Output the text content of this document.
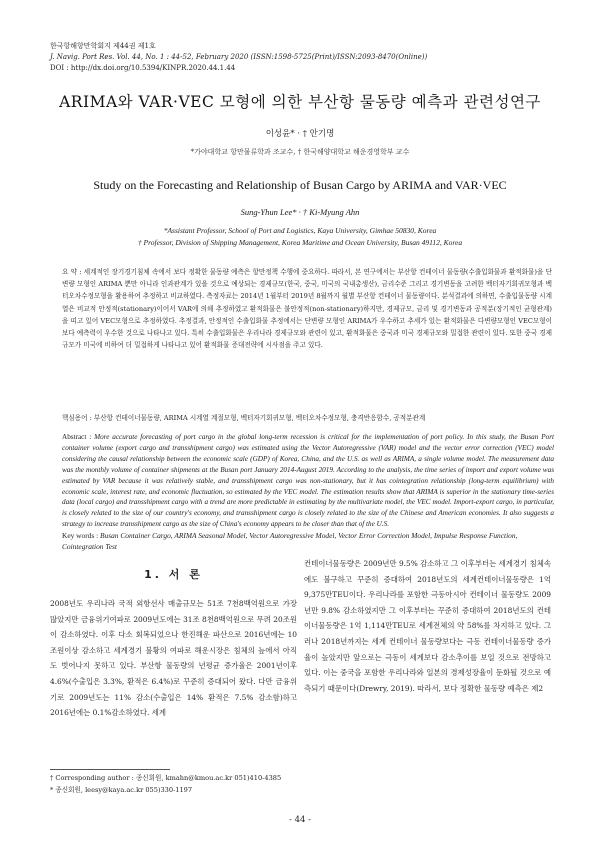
한국항해항만학회지 제44권 제1호
J. Navig. Port Res. Vol. 44, No. 1 : 44-52, February 2020 (ISSN:1598-5725(Print)/ISSN:2093-8470(Online))
DOI : http://dx.doi.org/10.5394/KINPR.2020.44.1.44
ARIMA와 VAR·VEC 모형에 의한 부산항 물동량 예측과 관련성연구
이성윤* · † 안기명
*가야대학교 항만물류학과 조교수, † 한국해양대학교 해운경영학부 교수
Study on the Forecasting and Relationship of Busan Cargo by ARIMA and VAR·VEC
Sung-Yhun Lee* · † Ki-Myung Ahn
*Assistant Professor, School of Port and Logistics, Kaya University, Gimhae 50830, Korea
† Professor, Division of Shipping Management, Korea Maritime and Ocean University, Busan 49112, Korea

요 약 : 세계적인 장기경기침체 속에서 보다 정확한 물동량 예측은 항만정책 수행에 중요하다. 따라서, 본 연구에서는 부산항 컨테이너 물동량(수출입화물과 환적화물)을 단변량 모형인 ARIMA 뿐만 아니라 인과관계가 있을 것으로 예상되는 경제규모(한국, 중국, 미국의 국내총생산), 금리수준 그리고 경기변동을 고려한 벡터자기회귀모형과 벡터오차수정모형을 활용하여 추정하고 비교하였다. 측정자료는 2014년 1월부터 2019년 8월까지 월별 부산항 컨테이너 물동량이다. 분석결과에 의하면, 수출입물동량 시계열은 비교적 안정적(stationary)이어서 VAR에 의해 추정하였고 환적화물은 불안정적(non-stationary)하지만, 경제규모, 금리 및 경기변동과 공적분(장기적인 균형관계)을 띠고 있어 VEC모형으로 추정하였다. 추정결과, 안정적인 수출입화물 추정에서는 단변량 모형인 ARIMA가 우수하고 추세가 있는 환적화물은 다변량모형인 VEC모형이 보다 예측력이 우수한 것으로 나타나고 있다. 특히 수출입화물은 우리나라 경제규모와 관련이 있고, 환적화물은 중국과 미국 경제규모와 밀접한 관련이 있다. 또한 중국 경제규모가 미국에 비하여 더 밀접하게 나타나고 있어 환적화물 증대전략에 시사점을 주고 있다.

핵심용어 : 부산항 컨테이너물동량, ARIMA 시계열 계절모형, 벡터자기회귀모형, 벡터오차수정모형, 충격반응함수, 공적분관계

Abstract : More accurate forecasting of port cargo in the global long-term recession is critical for the implementation of port policy. In this study, the Busan Port container volume (export cargo and transshipment cargo) was estimated using the Vector Autoregressive (VAR) model and the vector error correction (VEC) model considering the causal relationship between the economic scale (GDP) of Korea, China, and the U.S. as well as ARIMA, a single volume model. The measurement data was the monthly volume of container shipments at the Busan port January 2014-August 2019. According to the analysis, the time series of import and export volume was estimated by VAR because it was relatively stable, and transshipment cargo was non-stationary, but it has cointegration relationship (long-term equilibrium) with economic scale, interest rate, and economic fluctuation, so estimated by the VEC model. The estimation results show that ARIMA is superior in the stationary time-series data (local cargo) and transshipment cargo with a trend are more predictable in estimating by the multivariate model, the VEC model. Import-export cargo, in particular, is closely related to the size of our country's economy, and transshipment cargo is closely related to the size of the Chinese and American economies. It also suggests a strategy to increase transshipment cargo as the size of China's economy appears to be closer than that of the U.S.

Key words : Busan Container Cargo, ARIMA Seasonal Model, Vector Autoregressive Model, Vector Error Correction Model, Impulse Response Function, Cointegration Test

1. 서 론

2008년도 우리나라 국적 외항선사 매출규모는 51조 7천8백억원으로 가장 많았지만 금융위기여파로 2009년도에는 31조 8천8백억원으로 무려 20조원이 감소하였다. 이후 다소 회복되었으나 한진해운 파산으로 2016년에는 10조원이상 감소하고 세계경기 불황의 여파로 해운시장은 침체의 늪에서 아직도 벗어나지 못하고 있다. 부산항 물동량의 년평균 증가율은 2001년이후 4.6%(수출입은 3.3%, 환적은 6.4%)로 꾸준히 증대되어 왔다. 다만 금융위기로 2009년도는 11% 감소(수출입은 14% 환적은 7.5% 감소함)하고 2016년에는 0.1%감소하였다. 세계

컨테이너물동량은 2009년만 9.5% 감소하고 그 이후부터는 세계경기 침체속에도 불구하고 꾸준히 증대하여 2018년도의 세계컨테이너물동량은 1억 9,375만TEU이다. 우리나라를 포함한 극동아시아 컨테이너 물동량도 2009년만 9.8% 감소하였지만 그 이후부터는 꾸준히 증대하여 2018년도의 컨테이너물동량은 1억 1,114만TEU로 세계전체의 약 58%를 차지하고 있다. 그러나 2018년까지는 세계 컨테이너 물동량보다는 극동 컨테이너물동량 증가율이 높았지만 앞으로는 극동이 세계보다 감소추이를 보일 것으로 전망하고 있다. 이는 중국을 포함한 우리나라와 일본의 경제성장율이 둔화될 것으로 예측되기 때문이다(Drewry, 2019). 따라서, 보다 정확한 물동량 예측은 제2

† Corresponding author : 종신회원, kmahn@kmou.ac.kr 051)410-4385
* 종신회원, leesy@kaya.ac.kr 055)330-1197
- 44 -
